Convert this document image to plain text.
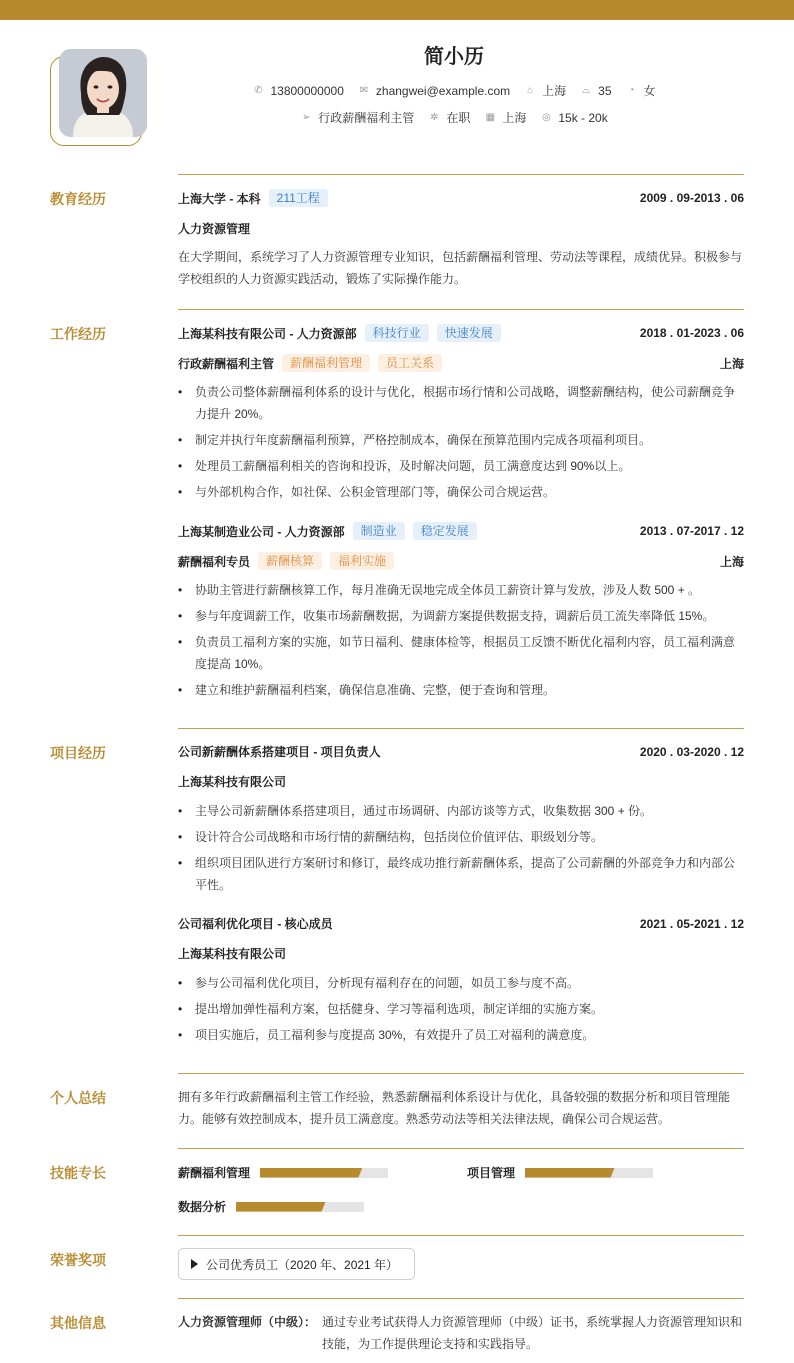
简小历
✆ 13800000000 ✉ zhangwei@example.com ⌂ 上海 ⌓ 35 ◔ 女
➢ 行政薪酬福利主管 ✲ 在职 ▦ 上海 ◎ 15k - 20k
教育经历	上海大学 - 本科	211工程	2009 . 09-2013 . 06
人力资源管理
在大学期间，系统学习了人力资源管理专业知识，包括薪酬福利管理、劳动法等课程，成绩优异。积极参与
学校组织的人力资源实践活动，锻炼了实际操作能力。
工作经历	上海某科技有限公司 - 人力资源部	科技行业	快速发展	2018 . 01-2023 . 06
行政薪酬福利主管	薪酬福利管理	员工关系	上海
• 负责公司整体薪酬福利体系的设计与优化，根据市场行情和公司战略，调整薪酬结构，使公司薪酬竞争
力提升 20%。
• 制定并执行年度薪酬福利预算，严格控制成本，确保在预算范围内完成各项福利项目。
• 处理员工薪酬福利相关的咨询和投诉，及时解决问题，员工满意度达到 90%以上。
• 与外部机构合作，如社保、公积金管理部门等，确保公司合规运营。
上海某制造业公司 - 人力资源部	制造业	稳定发展	2013 . 07-2017 . 12
薪酬福利专员	薪酬核算	福利实施	上海
• 协助主管进行薪酬核算工作，每月准确无误地完成全体员工薪资计算与发放，涉及人数 500 + 。
• 参与年度调薪工作，收集市场薪酬数据，为调薪方案提供数据支持，调薪后员工流失率降低 15%。
• 负责员工福利方案的实施，如节日福利、健康体检等，根据员工反馈不断优化福利内容，员工福利满意
度提高 10%。
• 建立和维护薪酬福利档案，确保信息准确、完整，便于查询和管理。
项目经历	公司新薪酬体系搭建项目 - 项目负责人	2020 . 03-2020 . 12
上海某科技有限公司
• 主导公司新薪酬体系搭建项目，通过市场调研、内部访谈等方式，收集数据 300 + 份。
• 设计符合公司战略和市场行情的薪酬结构，包括岗位价值评估、职级划分等。
• 组织项目团队进行方案研讨和修订，最终成功推行新薪酬体系，提高了公司薪酬的外部竞争力和内部公
平性。
公司福利优化项目 - 核心成员	2021 . 05-2021 . 12
上海某科技有限公司
• 参与公司福利优化项目，分析现有福利存在的问题，如员工参与度不高。
• 提出增加弹性福利方案，包括健身、学习等福利选项，制定详细的实施方案。
• 项目实施后，员工福利参与度提高 30%，有效提升了员工对福利的满意度。
个人总结	拥有多年行政薪酬福利主管工作经验，熟悉薪酬福利体系设计与优化，具备较强的数据分析和项目管理能
力。能够有效控制成本，提升员工满意度。熟悉劳动法等相关法律法规，确保公司合规运营。
技能专长	薪酬福利管理	项目管理
数据分析
荣誉奖项	公司优秀员工（2020 年、2021 年）
其他信息	人力资源管理师（中级）： 通过专业考试获得人力资源管理师（中级）证书，系统掌握人力资源管理知识和
技能，为工作提供理论支持和实践指导。
